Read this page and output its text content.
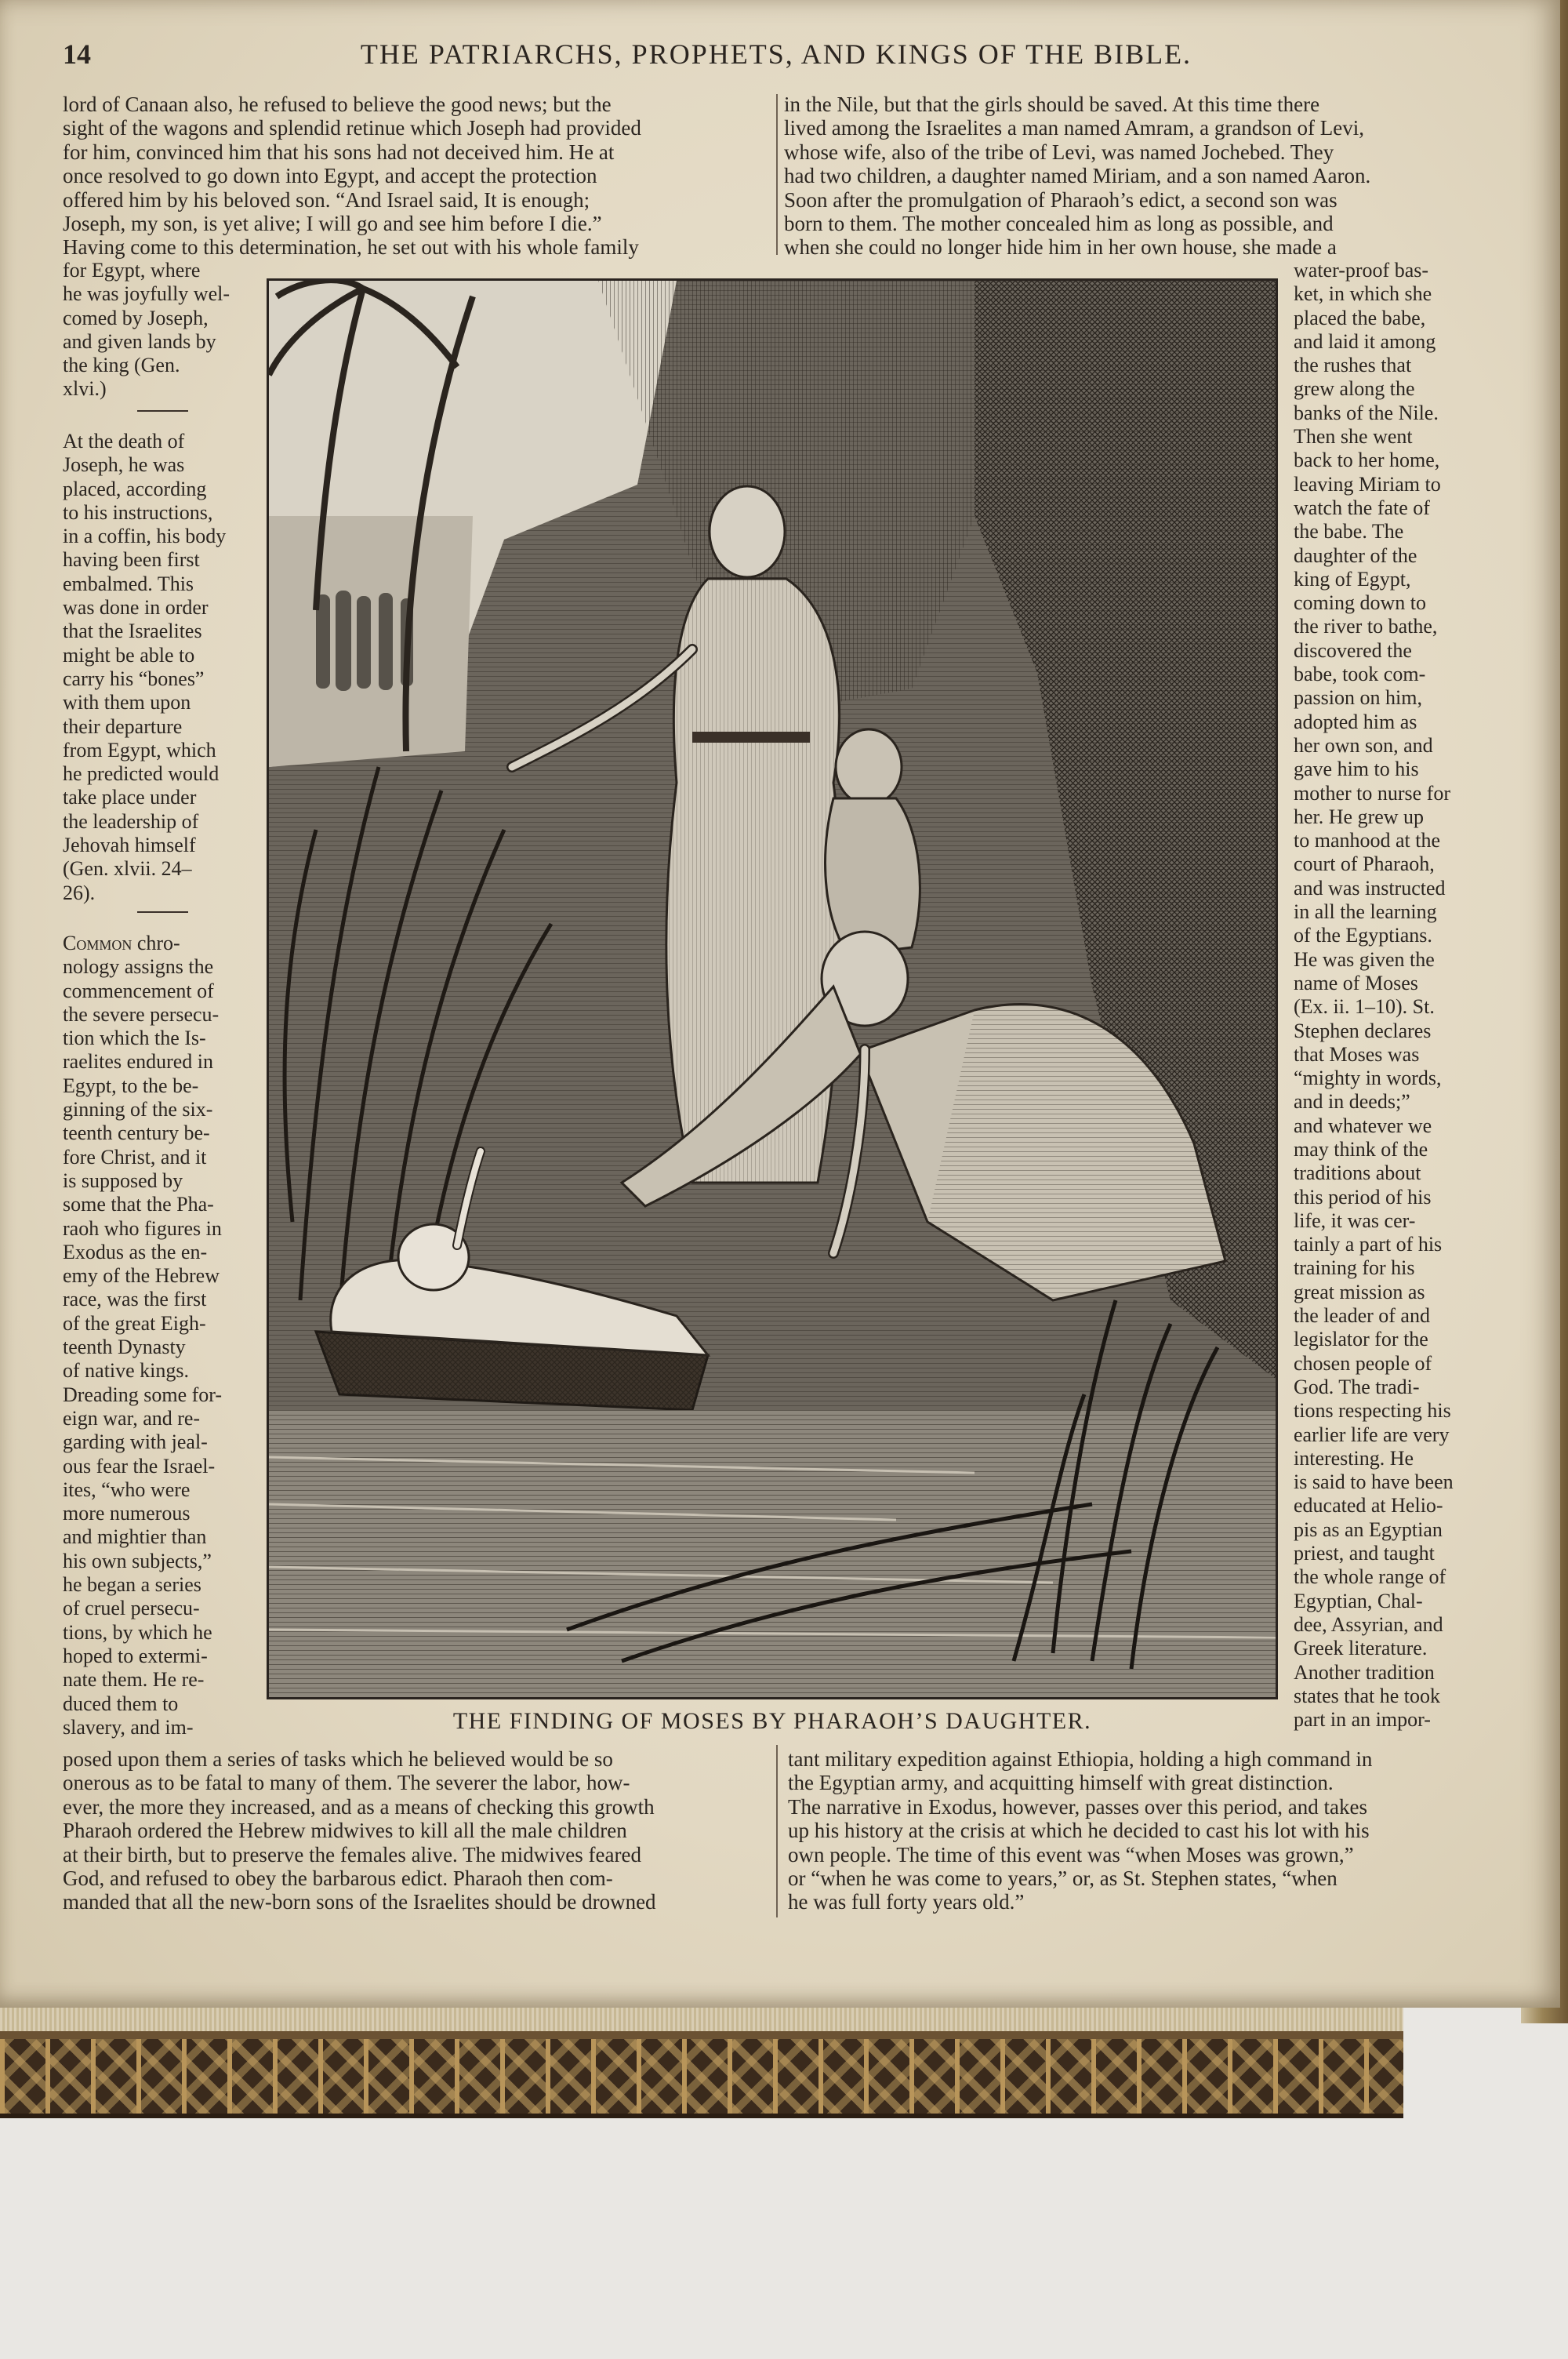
14	THE PATRIARCHS, PROPHETS, AND KINGS OF THE BIBLE.
lord of Canaan also, he refused to believe the good news; but the
sight of the wagons and splendid retinue which Joseph had provided
for him, convinced him that his sons had not deceived him. He at
once resolved to go down into Egypt, and accept the protection
offered him by his beloved son. “And Israel said, It is enough;
Joseph, my son, is yet alive; I will go and see him before I die.”
Having come to this determination, he set out with his whole family
in the Nile, but that the girls should be saved. At this time there
lived among the Israelites a man named Amram, a grandson of Levi,
whose wife, also of the tribe of Levi, was named Jochebed. They
had two children, a daughter named Miriam, and a son named Aaron.
Soon after the promulgation of Pharaoh’s edict, a second son was
born to them. The mother concealed him as long as possible, and
when she could no longer hide him in her own house, she made a
for Egypt, where
he was joyfully wel-
comed by Joseph,
and given lands by
the king (Gen.
xlvi.)
At the death of
Joseph, he was
placed, according
to his instructions,
in a coffin, his body
having been first
embalmed. This
was done in order
that the Israelites
might be able to
carry his “bones”
with them upon
their departure
from Egypt, which
he predicted would
take place under
the leadership of
Jehovah himself
(Gen. xlvii. 24–
26).
Common chro-
nology assigns the
commencement of
the severe persecu-
tion which the Is-
raelites endured in
Egypt, to the be-
ginning of the six-
teenth century be-
fore Christ, and it
is supposed by
some that the Pha-
raoh who figures in
Exodus as the en-
emy of the Hebrew
race, was the first
of the great Eigh-
teenth Dynasty
of native kings.
Dreading some for-
eign war, and re-
garding with jeal-
ous fear the Israel-
ites, “who were
more numerous
and mightier than
his own subjects,”
he began a series
of cruel persecu-
tions, by which he
hoped to extermi-
nate them. He re-
duced them to
slavery, and im-
water-proof bas-
ket, in which she
placed the babe,
and laid it among
the rushes that
grew along the
banks of the Nile.
Then she went
back to her home,
leaving Miriam to
watch the fate of
the babe. The
daughter of the
king of Egypt,
coming down to
the river to bathe,
discovered the
babe, took com-
passion on him,
adopted him as
her own son, and
gave him to his
mother to nurse for
her. He grew up
to manhood at the
court of Pharaoh,
and was instructed
in all the learning
of the Egyptians.
He was given the
name of Moses
(Ex. ii. 1–10). St.
Stephen declares
that Moses was
“mighty in words,
and in deeds;”
and whatever we
may think of the
traditions about
this period of his
life, it was cer-
tainly a part of his
training for his
great mission as
the leader of and
legislator for the
chosen people of
God. The tradi-
tions respecting his
earlier life are very
interesting. He
is said to have been
educated at Helio-
pis as an Egyptian
priest, and taught
the whole range of
Egyptian, Chal-
dee, Assyrian, and
Greek literature.
Another tradition
states that he took
part in an impor-
THE FINDING OF MOSES BY PHARAOH’S DAUGHTER.
posed upon them a series of tasks which he believed would be so
onerous as to be fatal to many of them. The severer the labor, how-
ever, the more they increased, and as a means of checking this growth
Pharaoh ordered the Hebrew midwives to kill all the male children
at their birth, but to preserve the females alive. The midwives feared
God, and refused to obey the barbarous edict. Pharaoh then com-
manded that all the new-born sons of the Israelites should be drowned
tant military expedition against Ethiopia, holding a high command in
the Egyptian army, and acquitting himself with great distinction.
The narrative in Exodus, however, passes over this period, and takes
up his history at the crisis at which he decided to cast his lot with his
own people. The time of this event was “when Moses was grown,”
or “when he was come to years,” or, as St. Stephen states, “when
he was full forty years old.”
